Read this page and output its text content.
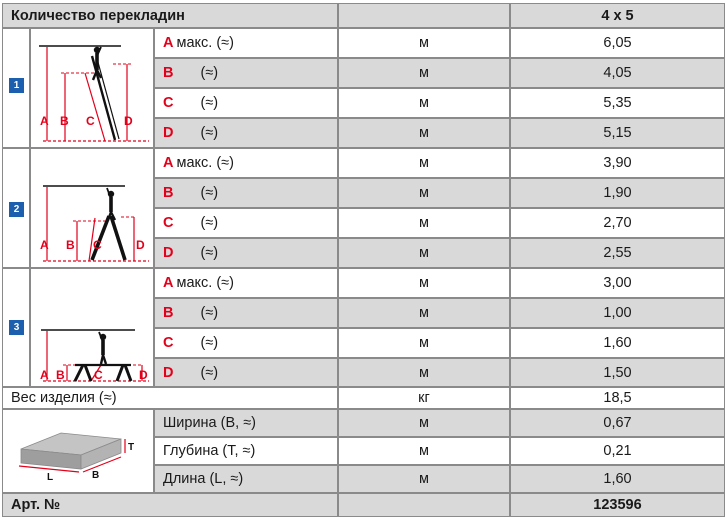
Количество перекладин	4 x 5
1
A B C D
2
A B C	D
3
A B C	D
A макс. (≈)	м	6,05
B (≈)	м	4,05
C (≈)	м	5,35
D (≈)	м	5,15
A макс. (≈)	м	3,90
B (≈)	м	1,90
C (≈)	м	2,70
D (≈)	м	2,55
A макс. (≈)	м	3,00
B (≈)	м	1,00
C (≈)	м	1,60
D (≈)	м	1,50
Вес изделия (≈)	кг	18,5
T
L	B
Ширина (B, ≈)	м	0,67
Глубина (T, ≈)	м	0,21
Длина (L, ≈)	м	1,60
Арт. №	123596
